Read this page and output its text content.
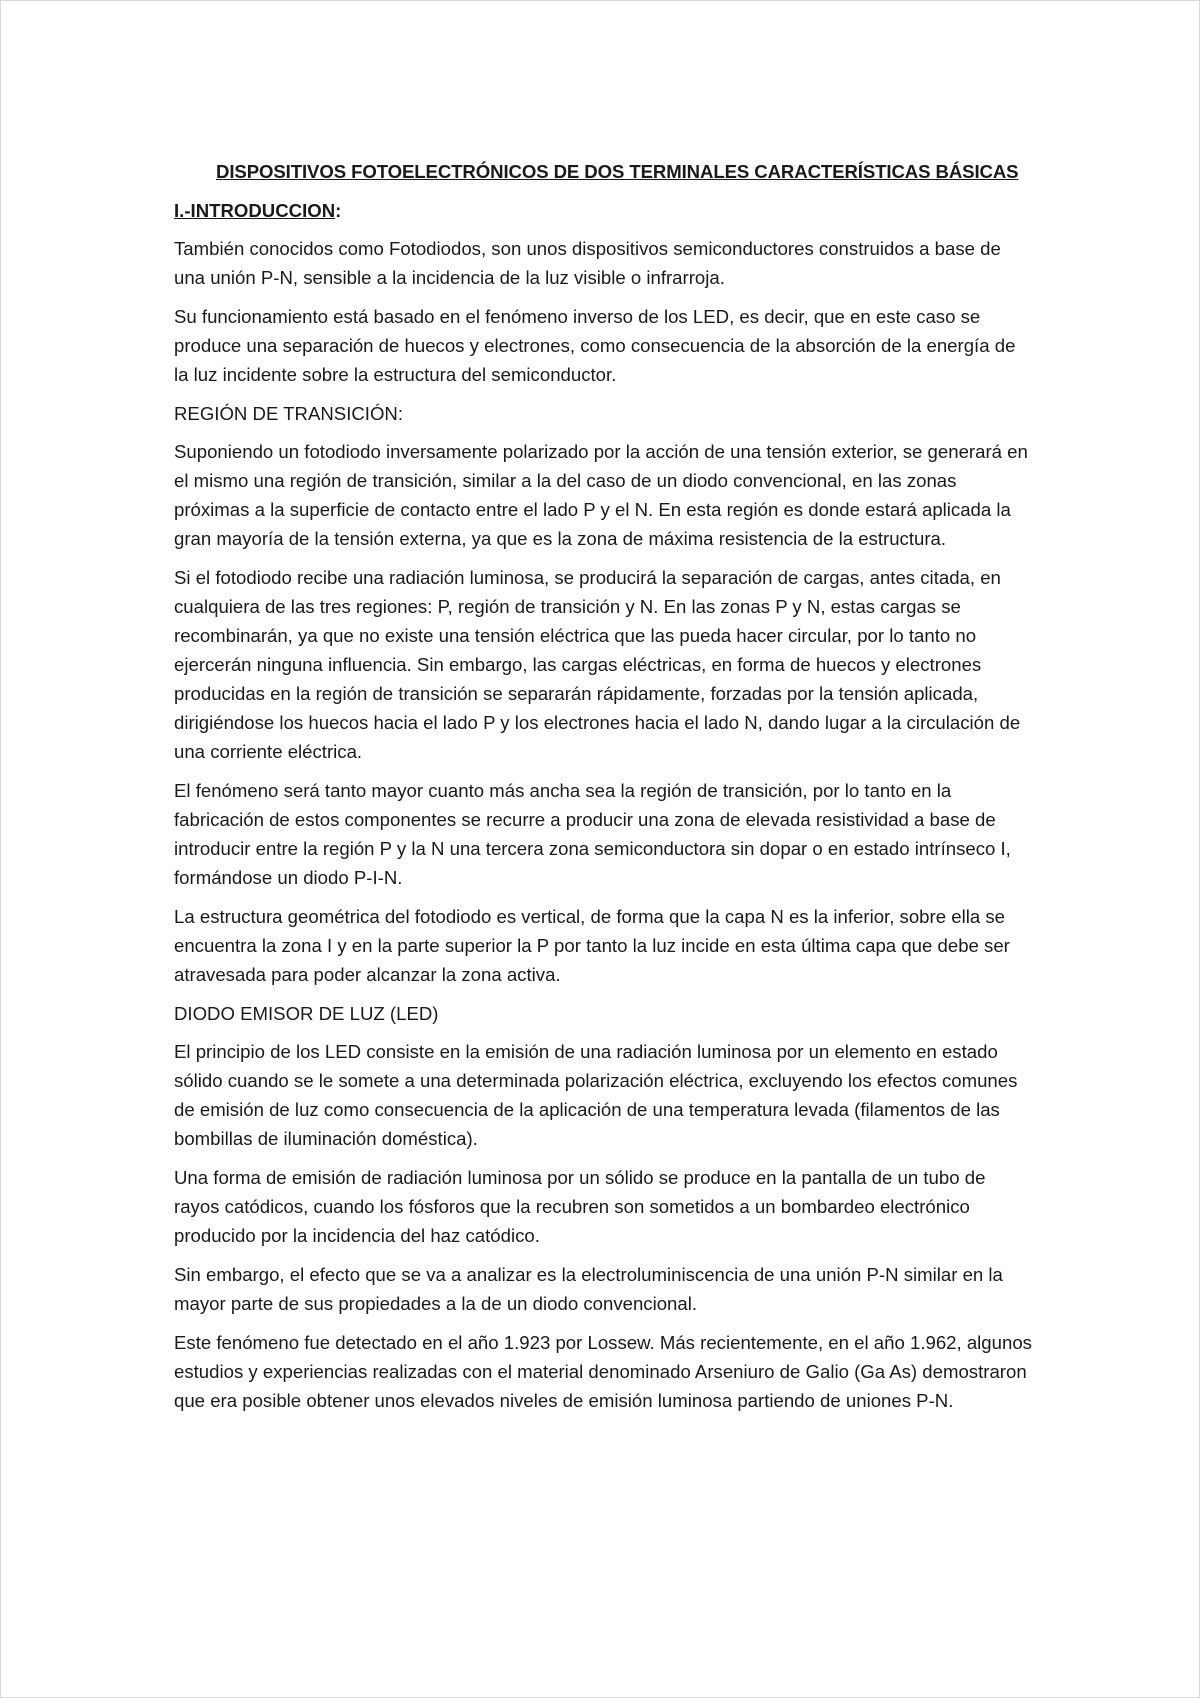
DISPOSITIVOS FOTOELECTRÓNICOS DE DOS TERMINALES CARACTERÍSTICAS BÁSICAS
I.-INTRODUCCION:

También conocidos como Fotodiodos, son unos dispositivos semiconductores construidos a base de una unión P-N, sensible a la incidencia de la luz visible o infrarroja.

Su funcionamiento está basado en el fenómeno inverso de los LED, es decir, que en este caso se produce una separación de huecos y electrones, como consecuencia de la absorción de la energía de la luz incidente sobre la estructura del semiconductor.

REGIÓN DE TRANSICIÓN:

Suponiendo un fotodiodo inversamente polarizado por la acción de una tensión exterior, se generará en el mismo una región de transición, similar a la del caso de un diodo convencional, en las zonas próximas a la superficie de contacto entre el lado P y el N. En esta región es donde estará aplicada la gran mayoría de la tensión externa, ya que es la zona de máxima resistencia de la estructura.

Si el fotodiodo recibe una radiación luminosa, se producirá la separación de cargas, antes citada, en cualquiera de las tres regiones: P, región de transición y N. En las zonas P y N, estas cargas se recombinarán, ya que no existe una tensión eléctrica que las pueda hacer circular, por lo tanto no ejercerán ninguna influencia. Sin embargo, las cargas eléctricas, en forma de huecos y electrones producidas en la región de transición se separarán rápidamente, forzadas por la tensión aplicada, dirigiéndose los huecos hacia el lado P y los electrones hacia el lado N, dando lugar a la circulación de una corriente eléctrica.

El fenómeno será tanto mayor cuanto más ancha sea la región de transición, por lo tanto en la fabricación de estos componentes se recurre a producir una zona de elevada resistividad a base de introducir entre la región P y la N una tercera zona semiconductora sin dopar o en estado intrínseco I, formándose un diodo P-I-N.

La estructura geométrica del fotodiodo es vertical, de forma que la capa N es la inferior, sobre ella se encuentra la zona I y en la parte superior la P por tanto la luz incide en esta última capa que debe ser atravesada para poder alcanzar la zona activa.

DIODO EMISOR DE LUZ (LED)

El principio de los LED consiste en la emisión de una radiación luminosa por un elemento en estado sólido cuando se le somete a una determinada polarización eléctrica, excluyendo los efectos comunes de emisión de luz como consecuencia de la aplicación de una temperatura levada (filamentos de las bombillas de iluminación doméstica).

Una forma de emisión de radiación luminosa por un sólido se produce en la pantalla de un tubo de rayos catódicos, cuando los fósforos que la recubren son sometidos a un bombardeo electrónico producido por la incidencia del haz catódico.

Sin embargo, el efecto que se va a analizar es la electroluminiscencia de una unión P-N similar en la mayor parte de sus propiedades a la de un diodo convencional.

Este fenómeno fue detectado en el año 1.923 por Lossew. Más recientemente, en el año 1.962, algunos estudios y experiencias realizadas con el material denominado Arseniuro de Galio (Ga As) demostraron que era posible obtener unos elevados niveles de emisión luminosa partiendo de uniones P-N.
